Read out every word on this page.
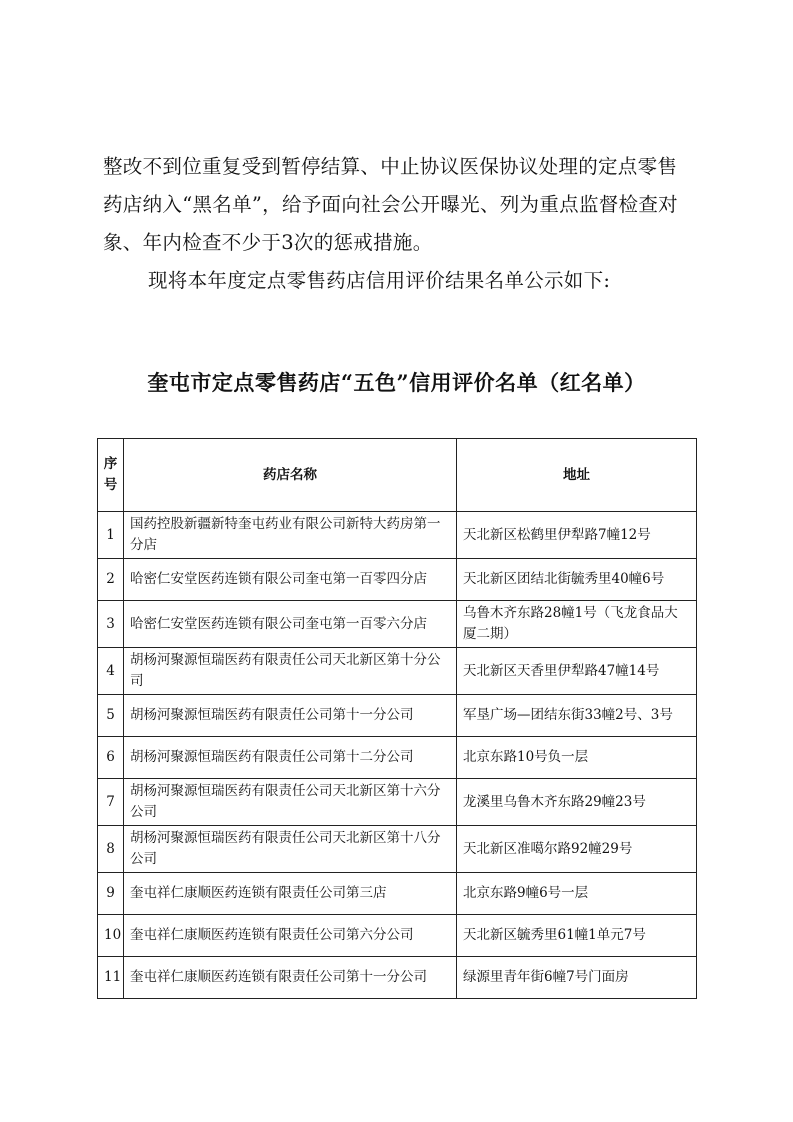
整改不到位重复受到暂停结算、中止协议医保协议处理的定点零售药店纳入“黑名单”，给予面向社会公开曝光、列为重点监督检查对象、年内检查不少于3次的惩戒措施。

现将本年度定点零售药店信用评价结果名单公示如下:

奎屯市定点零售药店“五色”信用评价名单（红名单）
序号	药店名称	地址
1	国药控股新疆新特奎屯药业有限公司新特大药房第一分店	天北新区松鹤里伊犁路7幢12号
2	哈密仁安堂医药连锁有限公司奎屯第一百零四分店	天北新区团结北街毓秀里40幢6号
3	哈密仁安堂医药连锁有限公司奎屯第一百零六分店	乌鲁木齐东路28幢1号（飞龙食品大厦二期）
4	胡杨河聚源恒瑞医药有限责任公司天北新区第十分公司	天北新区天香里伊犁路47幢14号
5	胡杨河聚源恒瑞医药有限责任公司第十一分公司	军垦广场—团结东街33幢2号、3号
6	胡杨河聚源恒瑞医药有限责任公司第十二分公司	北京东路10号负一层
7	胡杨河聚源恒瑞医药有限责任公司天北新区第十六分公司	龙溪里乌鲁木齐东路29幢23号
8	胡杨河聚源恒瑞医药有限责任公司天北新区第十八分公司	天北新区准噶尔路92幢29号
9	奎屯祥仁康顺医药连锁有限责任公司第三店	北京东路9幢6号一层
10	奎屯祥仁康顺医药连锁有限责任公司第六分公司	天北新区毓秀里61幢1单元7号
11	奎屯祥仁康顺医药连锁有限责任公司第十一分公司	绿源里青年街6幢7号门面房
